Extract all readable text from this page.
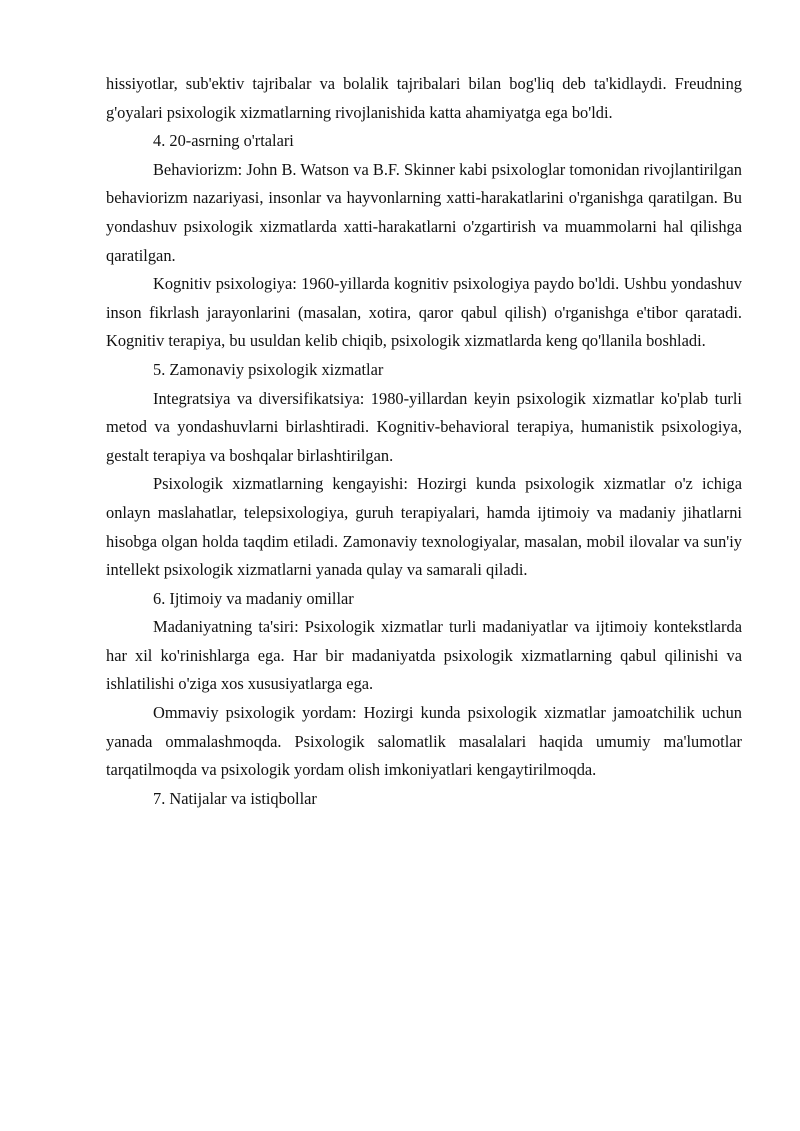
hissiyotlar, sub'ektiv tajribalar va bolalik tajribalari bilan bog'liq deb ta'kidlaydi. Freudning g'oyalari psixologik xizmatlarning rivojlanishida katta ahamiyatga ega bo'ldi.

4. 20-asrning o'rtalari

Behaviorizm: John B. Watson va B.F. Skinner kabi psixologlar tomonidan rivojlantirilgan behaviorizm nazariyasi, insonlar va hayvonlarning xatti-harakatlarini o'rganishga qaratilgan. Bu yondashuv psixologik xizmatlarda xatti-harakatlarni o'zgartirish va muammolarni hal qilishga qaratilgan.

Kognitiv psixologiya: 1960-yillarda kognitiv psixologiya paydo bo'ldi. Ushbu yondashuv inson fikrlash jarayonlarini (masalan, xotira, qaror qabul qilish) o'rganishga e'tibor qaratadi. Kognitiv terapiya, bu usuldan kelib chiqib, psixologik xizmatlarda keng qo'llanila boshladi.

5. Zamonaviy psixologik xizmatlar

Integratsiya va diversifikatsiya: 1980-yillardan keyin psixologik xizmatlar ko'plab turli metod va yondashuvlarni birlashtiradi. Kognitiv-behavioral terapiya, humanistik psixologiya, gestalt terapiya va boshqalar birlashtirilgan.

Psixologik xizmatlarning kengayishi: Hozirgi kunda psixologik xizmatlar o'z ichiga onlayn maslahatlar, telepsixologiya, guruh terapiyalari, hamda ijtimoiy va madaniy jihatlarni hisobga olgan holda taqdim etiladi. Zamonaviy texnologiyalar, masalan, mobil ilovalar va sun'iy intellekt psixologik xizmatlarni yanada qulay va samarali qiladi.

6. Ijtimoiy va madaniy omillar

Madaniyatning ta'siri: Psixologik xizmatlar turli madaniyatlar va ijtimoiy kontekstlarda har xil ko'rinishlarga ega. Har bir madaniyatda psixologik xizmatlarning qabul qilinishi va ishlatilishi o'ziga xos xususiyatlarga ega.

Ommaviy psixologik yordam: Hozirgi kunda psixologik xizmatlar jamoatchilik uchun yanada ommalashmoqda. Psixologik salomatlik masalalari haqida umumiy ma'lumotlar tarqatilmoqda va psixologik yordam olish imkoniyatlari kengaytirilmoqda.

7. Natijalar va istiqbollar
